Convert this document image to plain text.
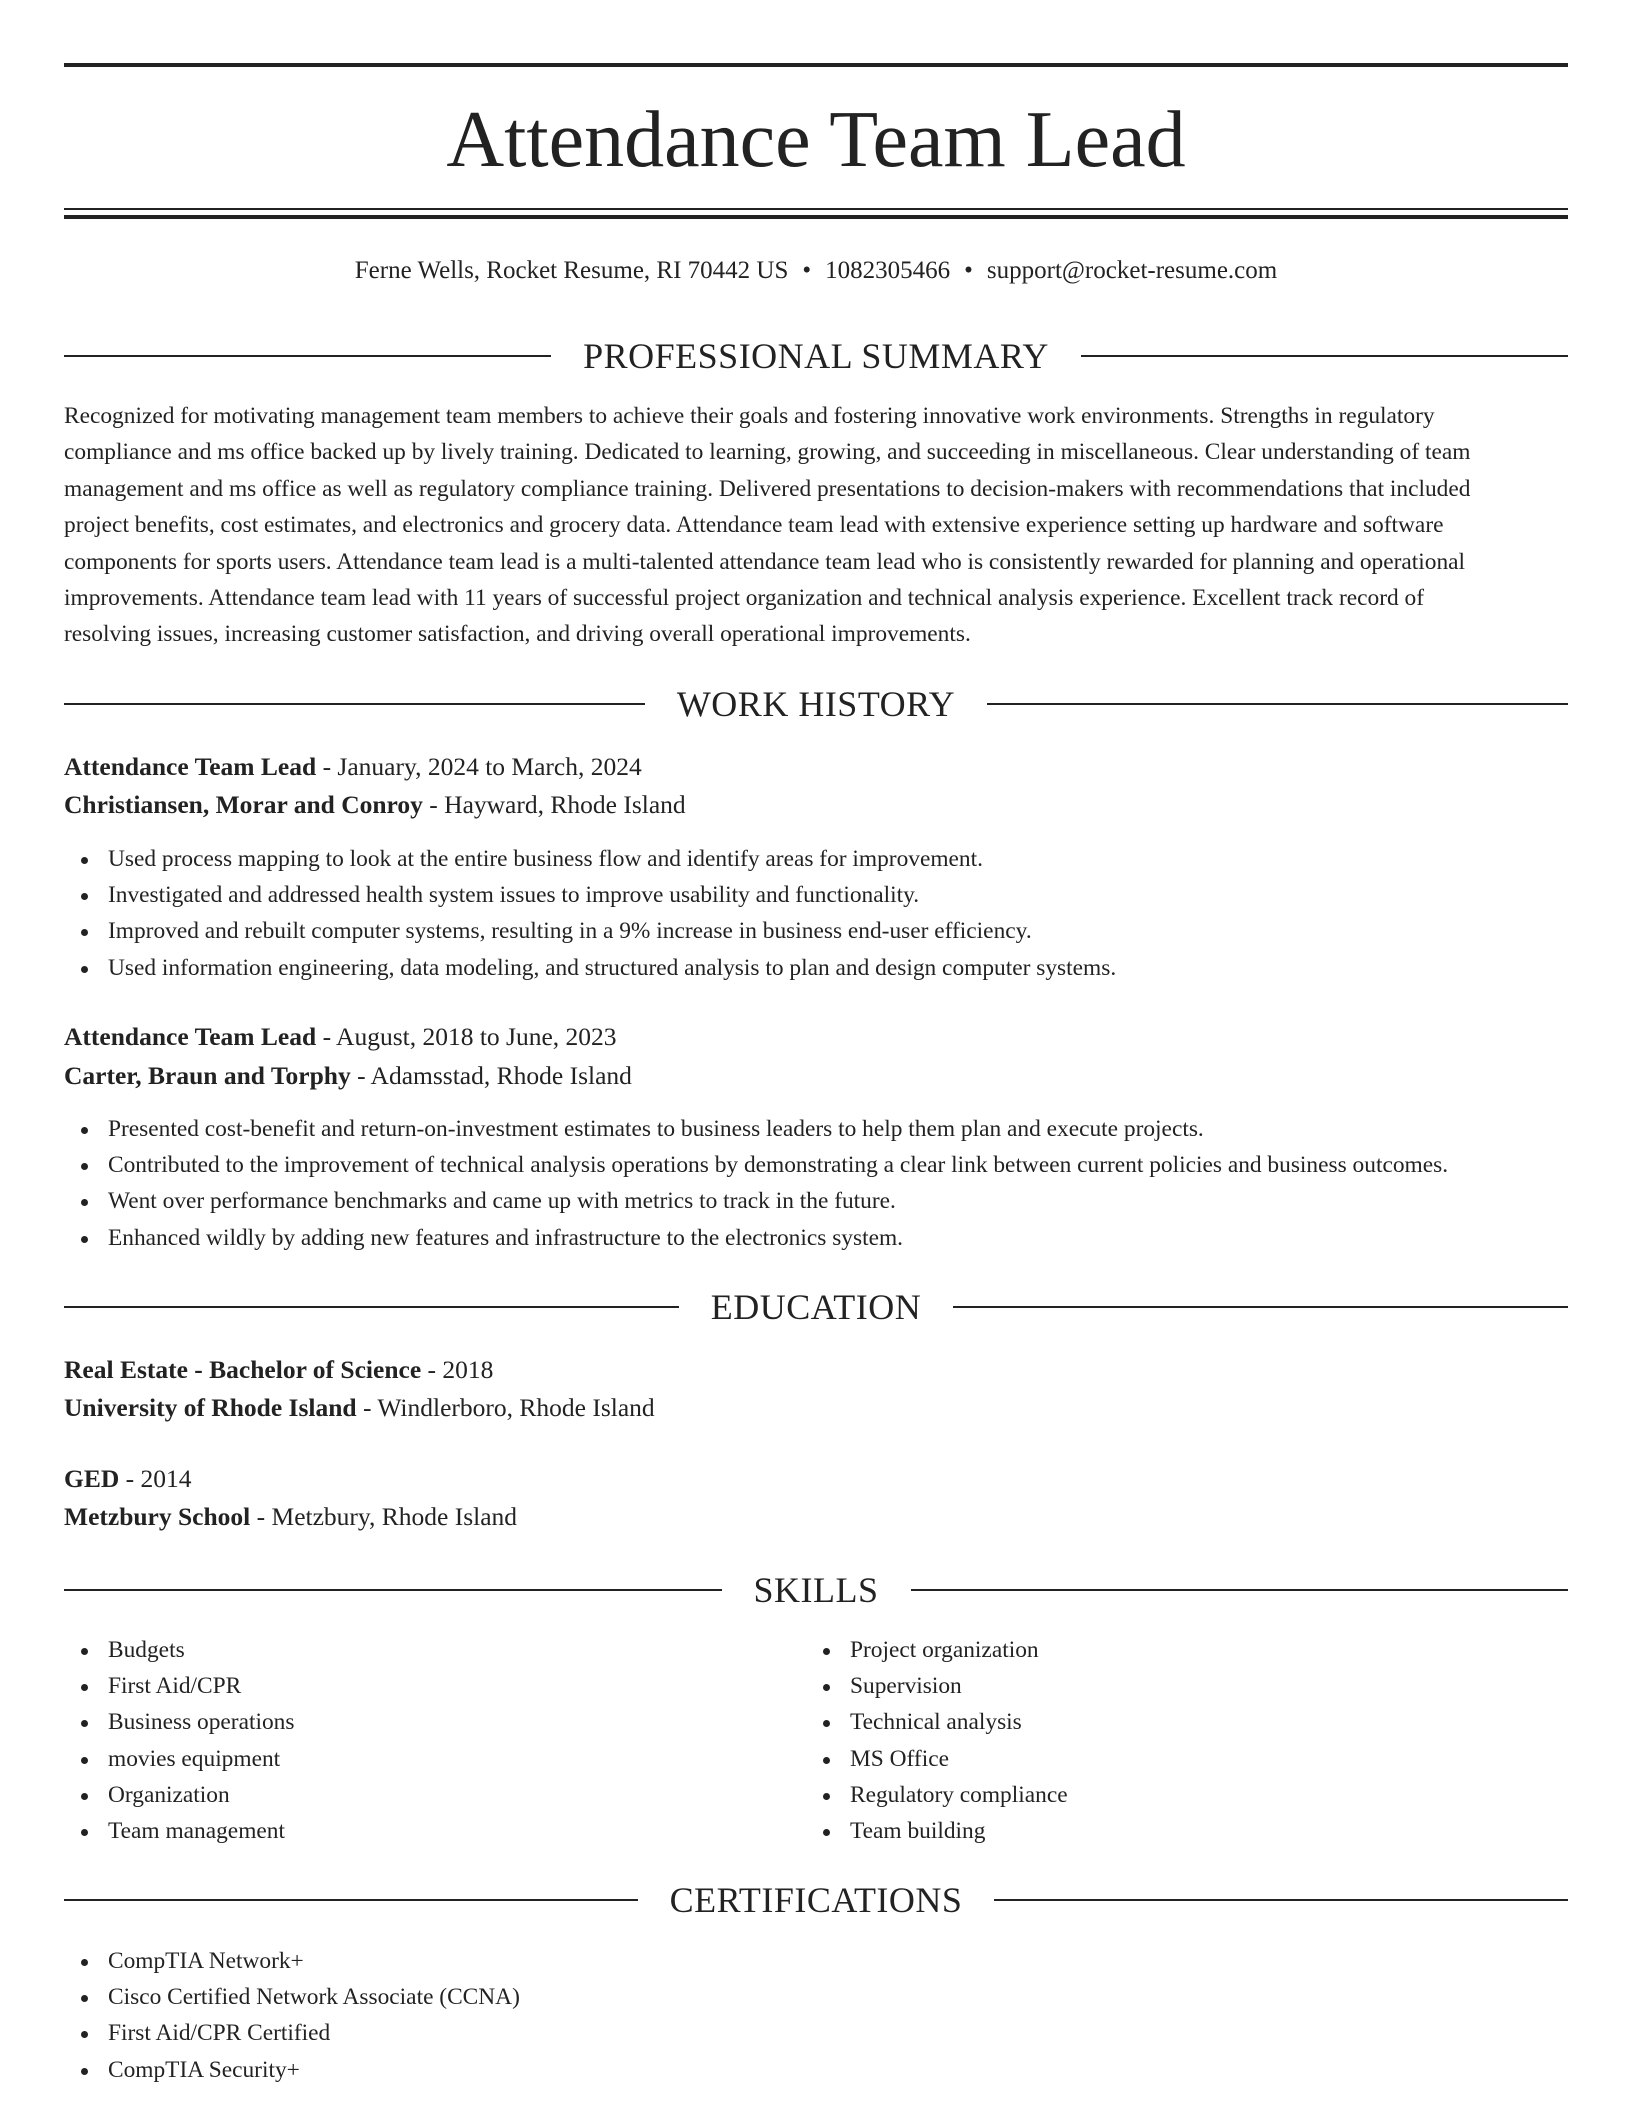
Attendance Team Lead
Ferne Wells, Rocket Resume, RI 70442 US • 1082305466 • support@rocket-resume.com
PROFESSIONAL SUMMARY
Recognized for motivating management team members to achieve their goals and fostering innovative work environments. Strengths in regulatory
compliance and ms office backed up by lively training. Dedicated to learning, growing, and succeeding in miscellaneous. Clear understanding of team
management and ms office as well as regulatory compliance training. Delivered presentations to decision-makers with recommendations that included
project benefits, cost estimates, and electronics and grocery data. Attendance team lead with extensive experience setting up hardware and software
components for sports users. Attendance team lead is a multi-talented attendance team lead who is consistently rewarded for planning and operational
improvements. Attendance team lead with 11 years of successful project organization and technical analysis experience. Excellent track record of
resolving issues, increasing customer satisfaction, and driving overall operational improvements.
WORK HISTORY
Attendance Team Lead - January, 2024 to March, 2024
Christiansen, Morar and Conroy - Hayward, Rhode Island
Used process mapping to look at the entire business flow and identify areas for improvement.
Investigated and addressed health system issues to improve usability and functionality.
Improved and rebuilt computer systems, resulting in a 9% increase in business end-user efficiency.
Used information engineering, data modeling, and structured analysis to plan and design computer systems.
Attendance Team Lead - August, 2018 to June, 2023
Carter, Braun and Torphy - Adamsstad, Rhode Island
Presented cost-benefit and return-on-investment estimates to business leaders to help them plan and execute projects.
Contributed to the improvement of technical analysis operations by demonstrating a clear link between current policies and business outcomes.
Went over performance benchmarks and came up with metrics to track in the future.
Enhanced wildly by adding new features and infrastructure to the electronics system.
EDUCATION
Real Estate - Bachelor of Science - 2018
University of Rhode Island - Windlerboro, Rhode Island
GED - 2014
Metzbury School - Metzbury, Rhode Island
SKILLS
Budgets
First Aid/CPR
Business operations
movies equipment
Organization
Team management
Project organization
Supervision
Technical analysis
MS Office
Regulatory compliance
Team building
CERTIFICATIONS
CompTIA Network+
Cisco Certified Network Associate (CCNA)
First Aid/CPR Certified
CompTIA Security+
